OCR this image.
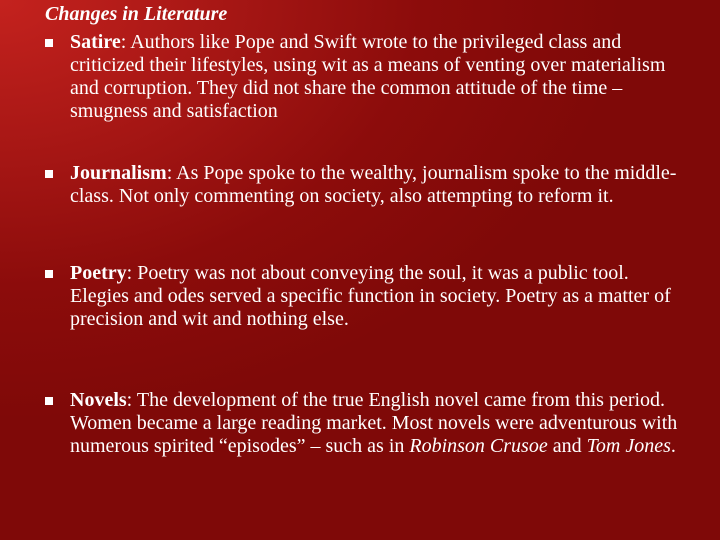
Changes in Literature
Satire: Authors like Pope and Swift wrote to the privileged class and criticized their lifestyles, using wit as a means of venting over materialism and corruption. They did not share the common attitude of the time – smugness and satisfaction
Journalism: As Pope spoke to the wealthy, journalism spoke to the middle-class. Not only commenting on society, also attempting to reform it.
Poetry: Poetry was not about conveying the soul, it was a public tool. Elegies and odes served a specific function in society. Poetry as a matter of precision and wit and nothing else.
Novels: The development of the true English novel came from this period. Women became a large reading market. Most novels were adventurous with numerous spirited “episodes” – such as in Robinson Crusoe and Tom Jones.
